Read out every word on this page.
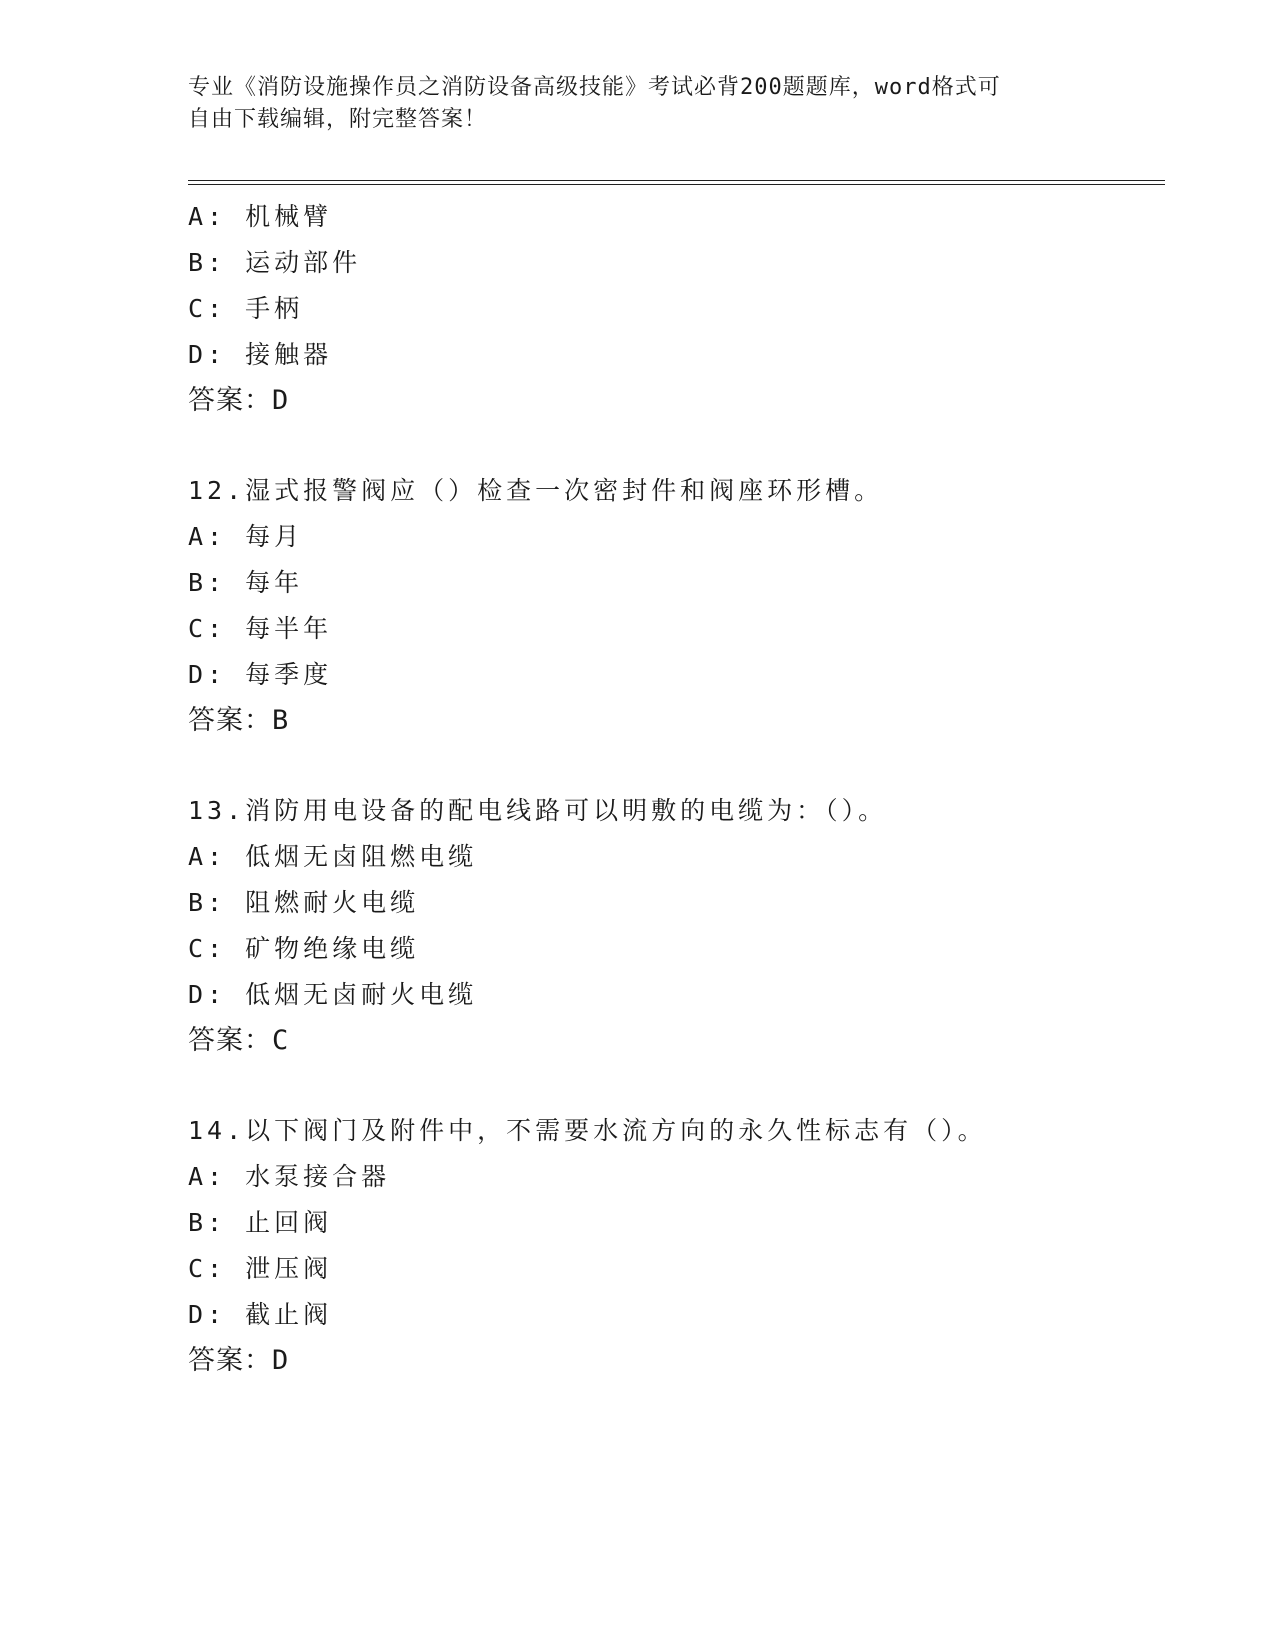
专业《消防设施操作员之消防设备高级技能》考试必背200题题库，word格式可
自由下载编辑，附完整答案！
A: 机械臂
B: 运动部件
C: 手柄
D: 接触器
答案：D
12.湿式报警阀应（）检查一次密封件和阀座环形槽。
A: 每月
B: 每年
C: 每半年
D: 每季度
答案：B
13.消防用电设备的配电线路可以明敷的电缆为：（）。
A: 低烟无卤阻燃电缆
B: 阻燃耐火电缆
C: 矿物绝缘电缆
D: 低烟无卤耐火电缆
答案：C
14.以下阀门及附件中，不需要水流方向的永久性标志有（）。
A: 水泵接合器
B: 止回阀
C: 泄压阀
D: 截止阀
答案：D
